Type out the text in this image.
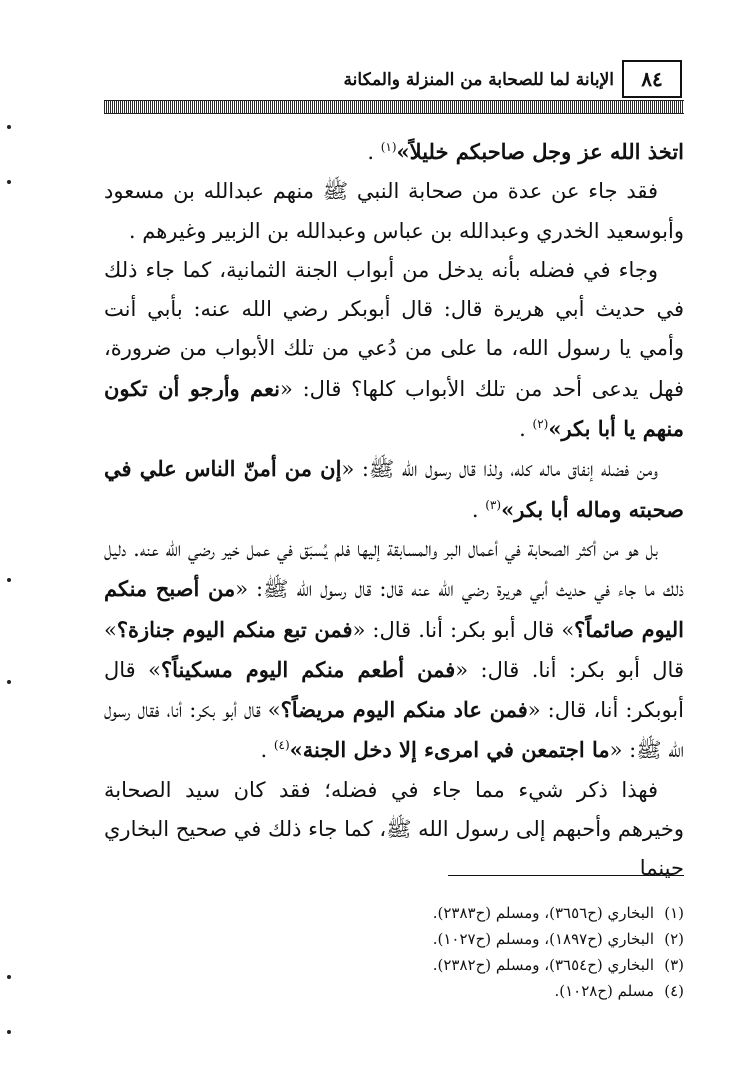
٨٤
الإبانة لما للصحابة من المنزلة والمكانة

اتخذ الله عز وجل صاحبكم خليلاً»$^{(١)}$ .

فقد جاء عن عدة من صحابة النبي ﷺ منهم عبدالله بن مسعود وأبوسعيد الخدري وعبدالله بن عباس وعبدالله بن الزبير وغيرهم .

وجاء في فضله بأنه يدخل من أبواب الجنة الثمانية، كما جاء ذلك في حديث أبي هريرة قال: قال أبوبكر رضي الله عنه: بأبي أنت وأمي يا رسول الله، ما على من دُعي من تلك الأبواب من ضرورة، فهل يدعى أحد من تلك الأبواب كلها؟ قال: «نعم وأرجو أن تكون منهم يا أبا بكر»$^{(٢)}$ .

ومن فضله إنفاق ماله كله، ولذا قال رسول الله ﷺ: «إن من أمنّ الناس علي في صحبته وماله أبا بكر»$^{(٣)}$ .

بل هو من أكثر الصحابة في أعمال البر والمسابقة إليها فلم يُسبَق في عمل خير رضي الله عنه. دليل ذلك ما جاء في حديث أبي هريرة رضي الله عنه قال: قال رسول الله ﷺ: «من أصبح منكم اليوم صائماً؟» قال أبو بكر: أنا. قال: «فمن تبع منكم اليوم جنازة؟» قال أبو بكر: أنا. قال: «فمن أطعم منكم اليوم مسكيناً؟» قال أبوبكر: أنا، قال: «فمن عاد منكم اليوم مريضاً؟» قال أبو بكر: أنا، فقال رسول الله ﷺ: «ما اجتمعن في امرىء إلا دخل الجنة»$^{(٤)}$ .

فهذا ذكر شيء مما جاء في فضله؛ فقد كان سيد الصحابة وخيرهم وأحبهم إلى رسول الله ﷺ، كما جاء ذلك في صحيح البخاري حينما

(١)البخاري (ح٣٦٥٦)، ومسلم (ح٢٣٨٣).
(٢)البخاري (ح١٨٩٧)، ومسلم (ح١٠٢٧).
(٣)البخاري (ح٣٦٥٤)، ومسلم (ح٢٣٨٢).
(٤)مسلم (ح١٠٢٨).
